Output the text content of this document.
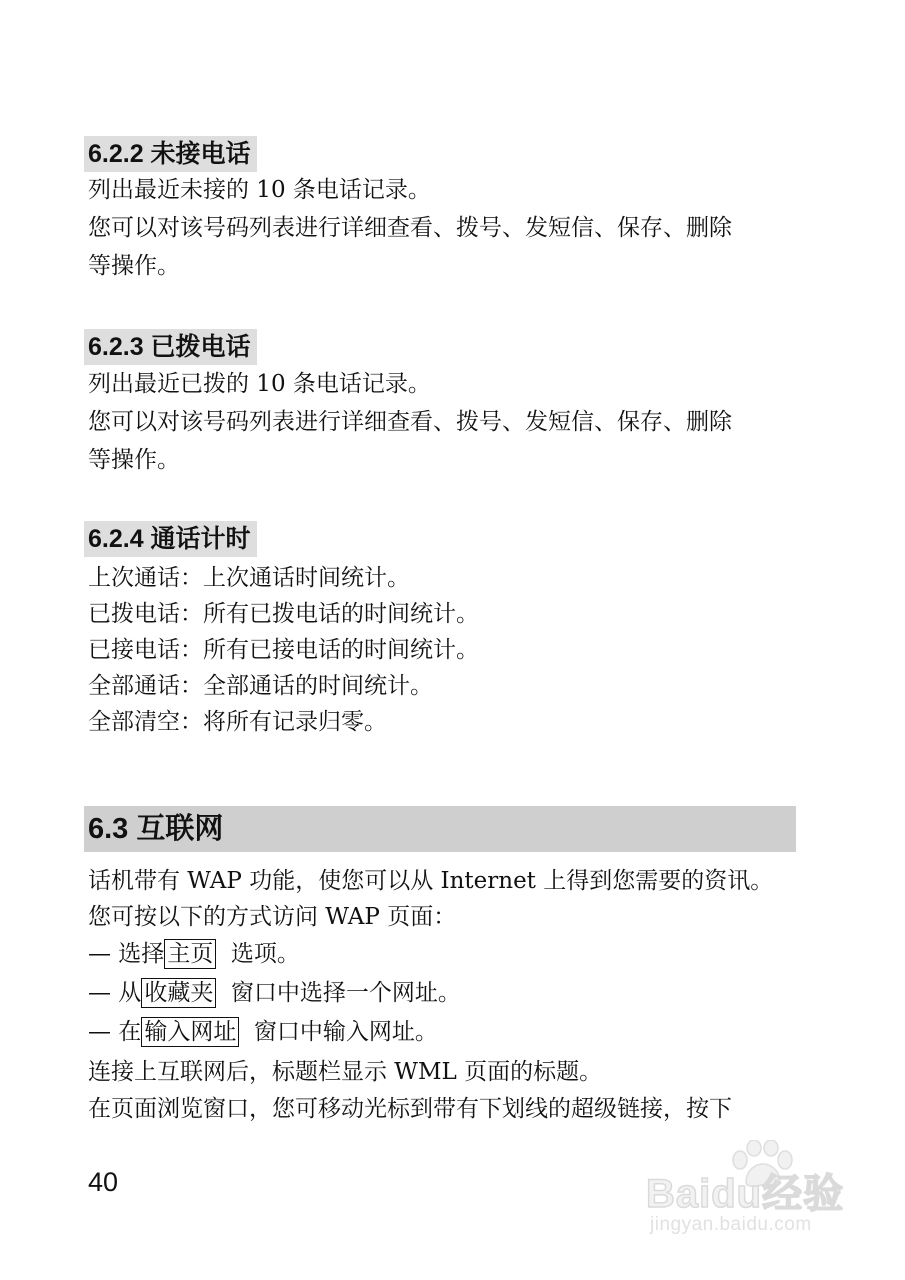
6.2.2 未接电话
列出最近未接的 10 条电话记录。
您可以对该号码列表进行详细查看、拨号、发短信、保存、删除
等操作。
6.2.3 已拨电话
列出最近已拨的 10 条电话记录。
您可以对该号码列表进行详细查看、拨号、发短信、保存、删除
等操作。
6.2.4 通话计时
上次通话：上次通话时间统计。
已拨电话：所有已拨电话的时间统计。
已接电话：所有已接电话的时间统计。
全部通话：全部通话的时间统计。
全部清空：将所有记录归零。
6.3 互联网
话机带有 WAP 功能，使您可以从 Internet 上得到您需要的资讯。
您可按以下的方式访问 WAP 页面：
— 选择 主页  选项。
— 从 收藏夹  窗口中选择一个网址。
— 在 输入网址  窗口中输入网址。
连接上互联网后，标题栏显示 WML 页面的标题。
在页面浏览窗口，您可移动光标到带有下划线的超级链接，按下
40	Baidu经验
jingyan.baidu.com
